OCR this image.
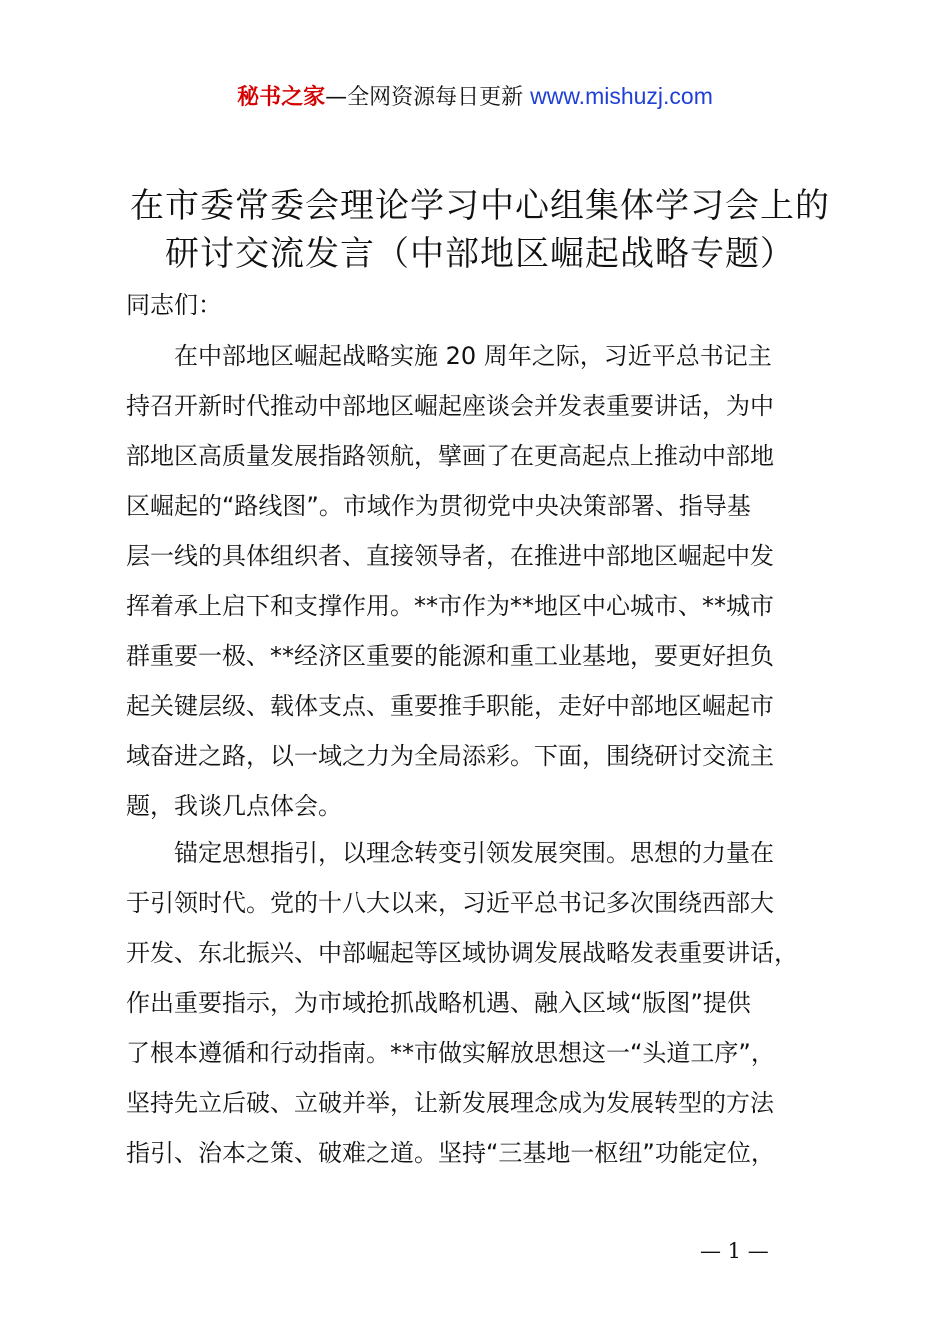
秘书之家—全网资源每日更新 www.mishuzj.com
在市委常委会理论学习中心组集体学习会上的
研讨交流发言（中部地区崛起战略专题）

同志们：

　　在中部地区崛起战略实施 20 周年之际，习近平总书记主
持召开新时代推动中部地区崛起座谈会并发表重要讲话，为中
部地区高质量发展指路领航，擘画了在更高起点上推动中部地
区崛起的“路线图”。市域作为贯彻党中央决策部署、指导基
层一线的具体组织者、直接领导者，在推进中部地区崛起中发
挥着承上启下和支撑作用。**市作为**地区中心城市、**城市
群重要一极、**经济区重要的能源和重工业基地，要更好担负
起关键层级、载体支点、重要推手职能，走好中部地区崛起市
域奋进之路，以一域之力为全局添彩。下面，围绕研讨交流主
题，我谈几点体会。
　　锚定思想指引，以理念转变引领发展突围。思想的力量在
于引领时代。党的十八大以来，习近平总书记多次围绕西部大
开发、东北振兴、中部崛起等区域协调发展战略发表重要讲话，
作出重要指示，为市域抢抓战略机遇、融入区域“版图”提供
了根本遵循和行动指南。**市做实解放思想这一“头道工序”，
坚持先立后破、立破并举，让新发展理念成为发展转型的方法
指引、治本之策、破难之道。坚持“三基地一枢纽”功能定位，
— 1 —
